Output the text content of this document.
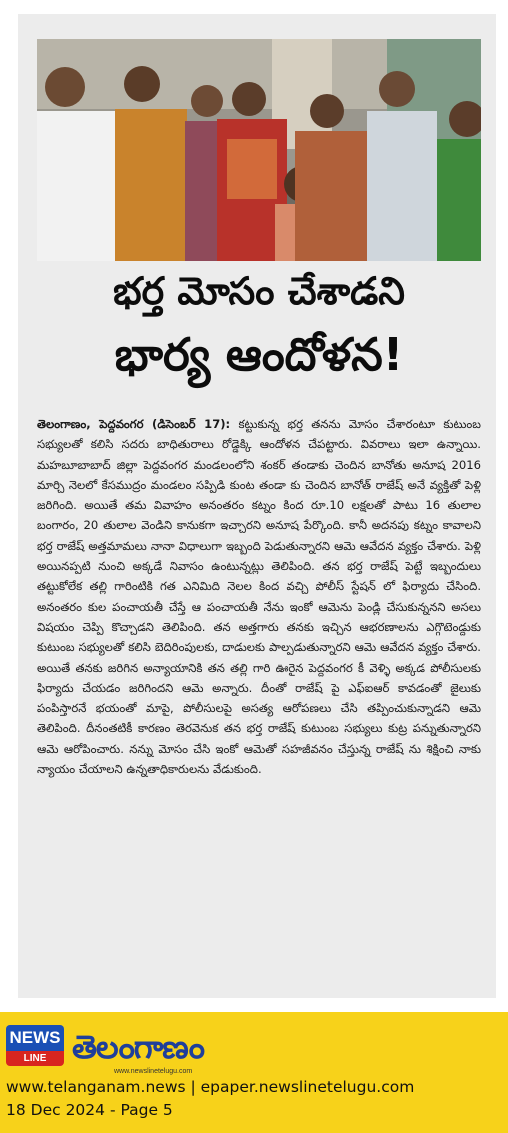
భర్త మోసం చేశాడని
భార్య ఆందోళన!
తెలంగాణం, పెద్దవంగర (డిసెంబర్ 17): కట్టుకున్న భర్త తనను మోసం చేశారంటూ కుటుంబ సభ్యులతో కలిసి సదరు బాధితురాలు రోడ్డెక్కి ఆందోళన చేపట్టారు. వివరాలు ఇలా ఉన్నాయి. మహబూబాబాద్ జిల్లా పెద్దవంగర మండలంలోని శంకర్ తండాకు చెందిన బానోతు అనూష 2016 మార్చి నెలలో కేసముద్రం మండలం సప్పిడి కుంట తండా కు చెందిన బానోత్ రాజేష్ అనే వ్యక్తితో పెళ్లి జరిగింది. అయితే తమ వివాహం అనంతరం కట్నం కింద రూ.10 లక్షలతో పాటు 16 తులాల బంగారం, 20 తులాల వెండిని కానుకగా ఇచ్చారని అనూష పేర్కొంది. కానీ అదనపు కట్నం కావాలని భర్త రాజేష్ అత్తమామలు నానా విధాలుగా ఇబ్బంది పెడుతున్నారని ఆమె ఆవేదన వ్యక్తం చేశారు. పెళ్లి అయినప్పటి నుంచి అక్కడే నివాసం ఉంటున్నట్లు తెలిపింది. తన భర్త రాజేష్ పెట్టే ఇబ్బందులు తట్టుకోలేక తల్లి గారింటికి గత ఎనిమిది నెలల కింద వచ్చి పోలీస్ స్టేషన్ లో ఫిర్యాదు చేసింది. అనంతరం కుల పంచాయతీ చేస్తే ఆ పంచాయతీ నేను ఇంకో ఆమెను పెండ్లి చేసుకున్ననని అసలు విషయం చెప్పి కొచ్చాడని తెలిపింది. తన అత్తగారు తనకు ఇచ్చిన ఆభరణాలను ఎగ్గొటెండ్దుకు కుటుంబ సభ్యులతో కలిసి బెదిరింపులకు, దాడులకు పాల్పడుతున్నారని ఆమె ఆవేదన వ్యక్తం చేశారు. అయితే తనకు జరిగిన అన్యాయానికి తన తల్లి గారి ఊరైన పెద్దవంగర కీ వెళ్ళి అక్కడ పోలీసులకు ఫిర్యాదు చేయడం జరిగిందని ఆమె అన్నారు. దీంతో రాజేష్ పై ఎఫ్ఐఆర్ కావడంతో జైలుకు పంపిస్తారనే భయంతో మాపై, పోలీసులపై అసత్య ఆరోపణలు చేసి తప్పించుకున్నాడని ఆమె తెలిపింది. దీనంతటికీ కారణం తెరవెనుక తన భర్త రాజేష్ కుటుంబ సభ్యులు కుట్ర పన్నుతున్నారని ఆమె ఆరోపించారు. నన్ను మోసం చేసి ఇంకో ఆమెతో సహజీవనం చేస్తున్న రాజేష్ ను శిక్షించి నాకు న్యాయం చేయాలని ఉన్నతాధికారులను వేడుకుంది.
NEWS
LINE తెలంగాణం
www.newslinetelugu.com
www.telanganam.news | epaper.newslinetelugu.com
18 Dec 2024 - Page 5
